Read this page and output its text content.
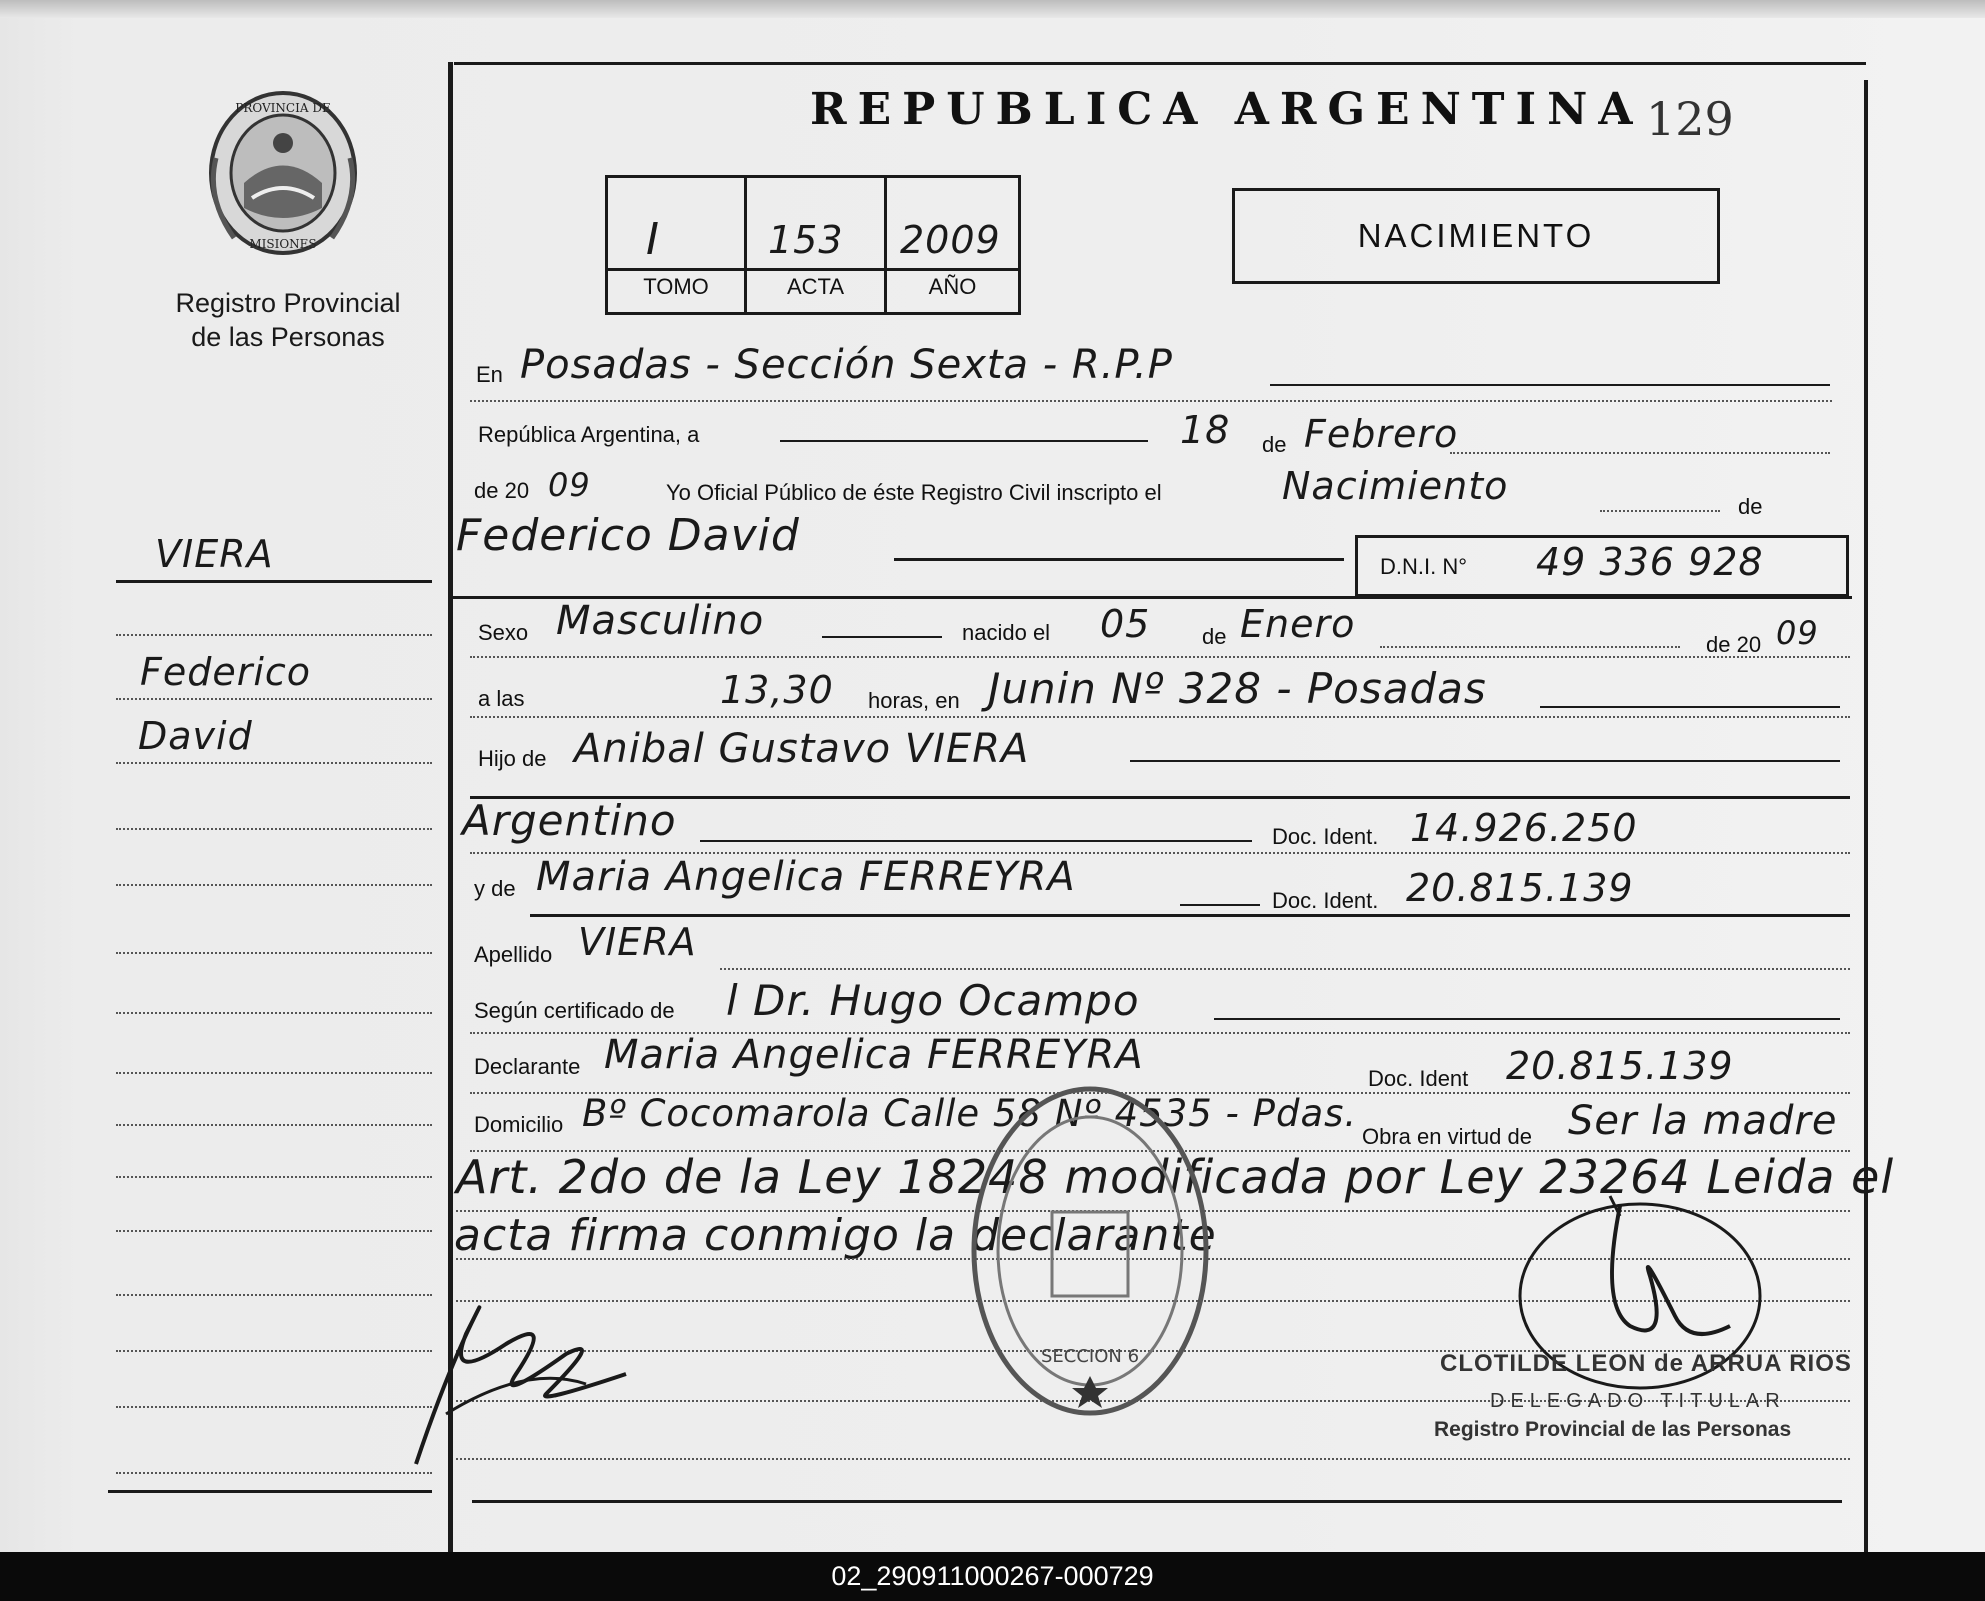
PROVINCIA DE
MISIONES
Registro Provincial
de las Personas
REPUBLICA ARGENTINA 129
I	153 2009
TOMO	ACTA	AÑO
NACIMIENTO
VIERA
Federico
David
En Posadas - Sección Sexta - R.P.P
República Argentina, a	18 de Febrero
de 20 09	Yo Oficial Público de éste Registro Civil inscripto el	Nacimiento	de
Federico David
D.N.I. N° 49 336 928
Sexo Masculino	nacido el 05 de Enero	de 20 09
a las	13,30 horas, en Junin Nº 328 - Posadas
Hijo de Anibal Gustavo VIERA
Argentino	Doc. Ident. 14.926.250
y de Maria Angelica FERREYRA
Doc. Ident. 20.815.139
Apellido VIERA
Según certificado de l Dr. Hugo Ocampo
Declarante Maria Angelica FERREYRA
Doc. Ident 20.815.139
Domicilio Bº Cocomarola Calle 58 Nº 4535 - Pdas.
Obra en virtud de Ser la madre
Art. 2do de la Ley 18248 modificada por Ley 23264 Leida el
acta firma conmigo la declarante
SECCION 6	CLOTILDE LEON de ARRUA RIOS
DELEGADO TITULAR
Registro Provincial de las Personas
02_290911000267-000729
